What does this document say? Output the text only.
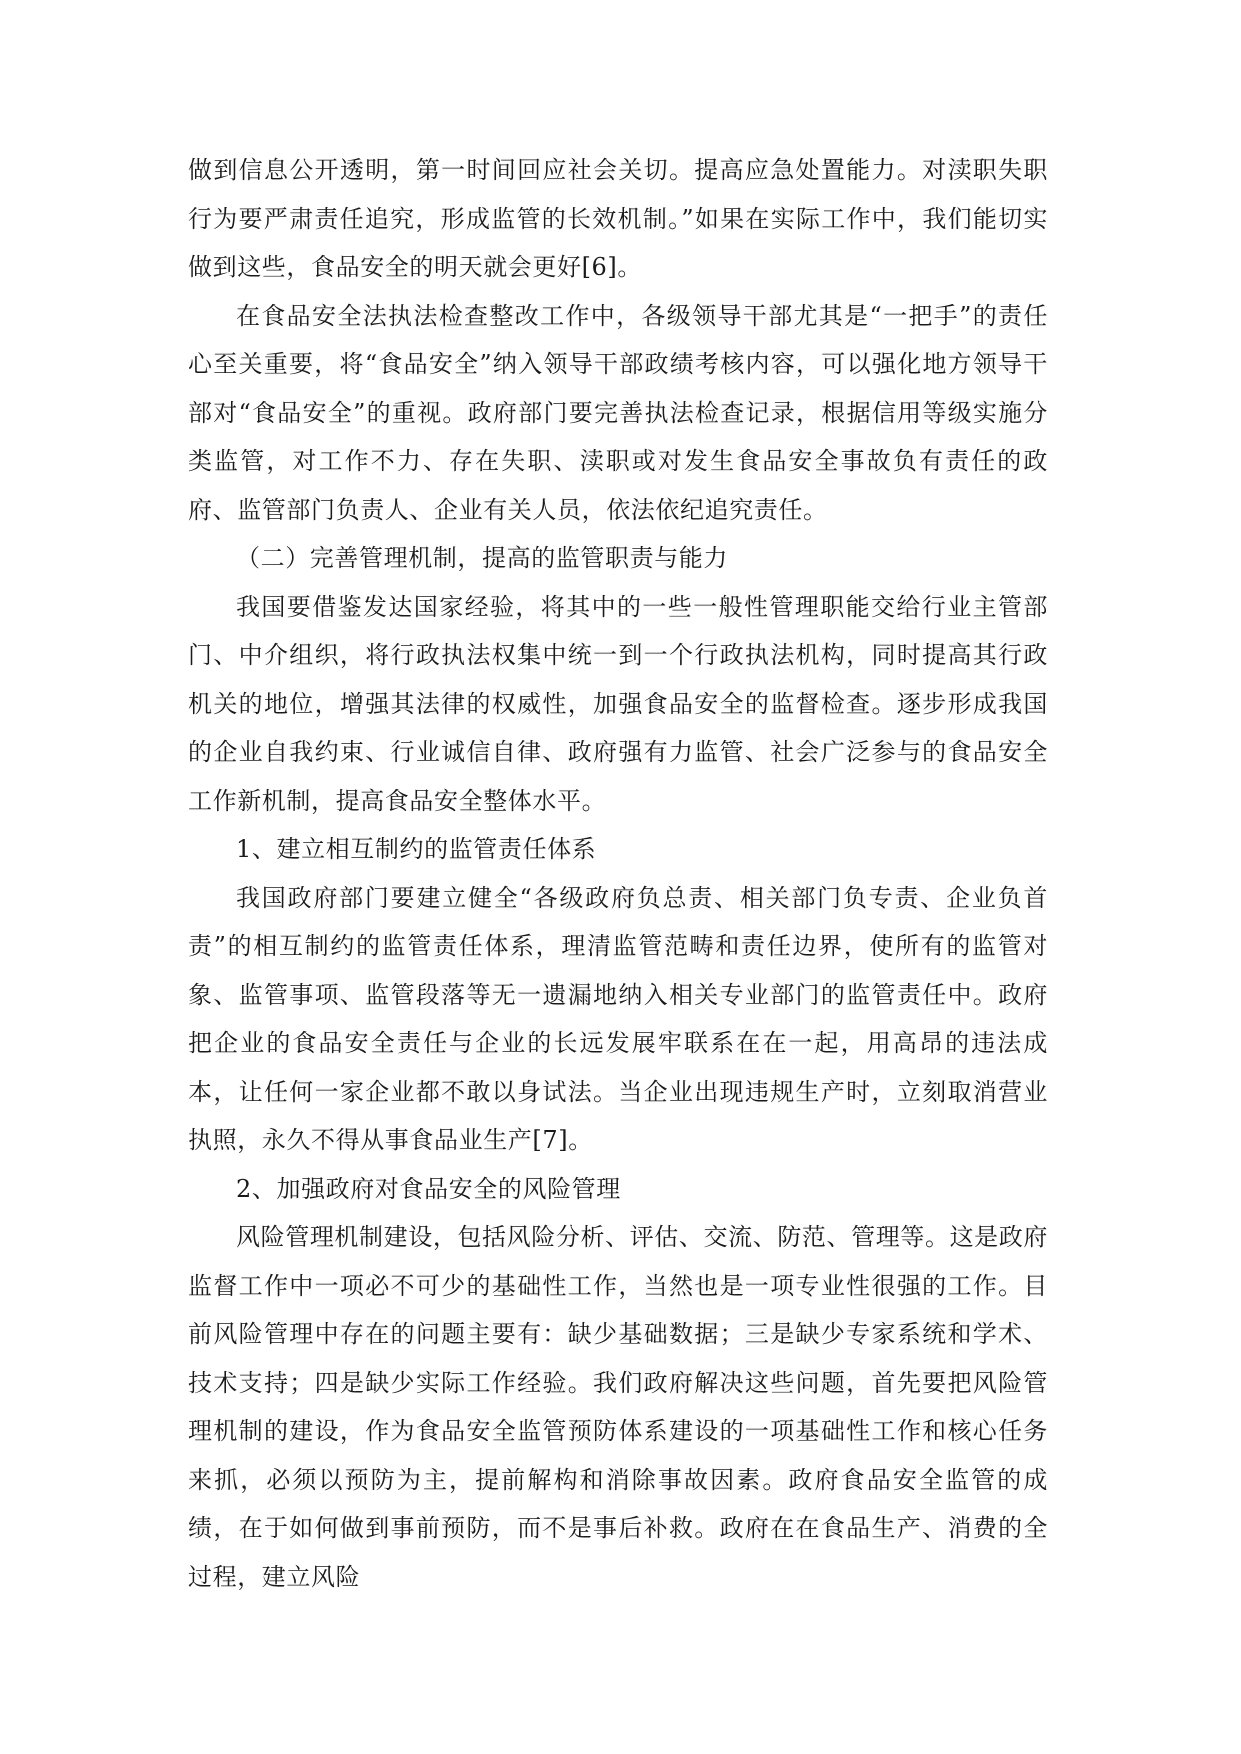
做到信息公开透明，第一时间回应社会关切。提高应急处置能力。对渎职失职行为要严肃责任追究，形成监管的长效机制。”如果在实际工作中，我们能切实做到这些，食品安全的明天就会更好[6]。

在食品安全法执法检查整改工作中，各级领导干部尤其是“一把手”的责任心至关重要，将“食品安全”纳入领导干部政绩考核内容，可以强化地方领导干部对“食品安全”的重视。政府部门要完善执法检查记录，根据信用等级实施分类监管，对工作不力、存在失职、渎职或对发生食品安全事故负有责任的政府、监管部门负责人、企业有关人员，依法依纪追究责任。

（二）完善管理机制，提高的监管职责与能力

我国要借鉴发达国家经验，将其中的一些一般性管理职能交给行业主管部门、中介组织，将行政执法权集中统一到一个行政执法机构，同时提高其行政机关的地位，增强其法律的权威性，加强食品安全的监督检查。逐步形成我国的企业自我约束、行业诚信自律、政府强有力监管、社会广泛参与的食品安全工作新机制，提高食品安全整体水平。

1、建立相互制约的监管责任体系

我国政府部门要建立健全“各级政府负总责、相关部门负专责、企业负首责”的相互制约的监管责任体系，理清监管范畴和责任边界，使所有的监管对象、监管事项、监管段落等无一遗漏地纳入相关专业部门的监管责任中。政府把企业的食品安全责任与企业的长远发展牢联系在在一起，用高昂的违法成本，让任何一家企业都不敢以身试法。当企业出现违规生产时，立刻取消营业执照，永久不得从事食品业生产[7]。

2、加强政府对食品安全的风险管理

风险管理机制建设，包括风险分析、评估、交流、防范、管理等。这是政府监督工作中一项必不可少的基础性工作，当然也是一项专业性很强的工作。目前风险管理中存在的问题主要有：缺少基础数据；三是缺少专家系统和学术、技术支持；四是缺少实际工作经验。我们政府解决这些问题，首先要把风险管理机制的建设，作为食品安全监管预防体系建设的一项基础性工作和核心任务来抓，必须以预防为主，提前解构和消除事故因素。政府食品安全监管的成绩，在于如何做到事前预防，而不是事后补救。政府在在食品生产、消费的全过程，建立风险
